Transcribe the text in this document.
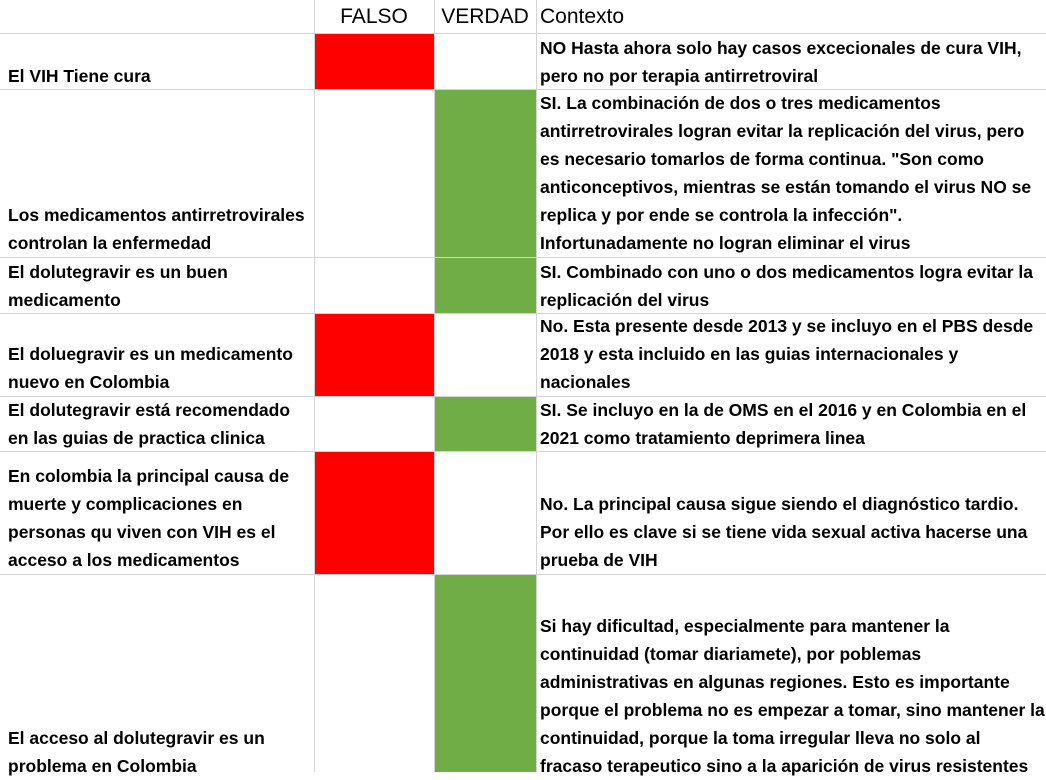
FALSO	VERDAD Contexto
El VIH Tiene cura
NO Hasta ahora solo hay casos excecionales de cura VIH, pero no por terapia antirretroviral
Los medicamentos antirretrovirales controlan la enfermedad
SI. La combinación de dos o tres medicamentos antirretrovirales logran evitar la replicación del virus, pero es necesario tomarlos de forma continua. "Son como anticonceptivos, mientras se están tomando el virus NO se replica y por ende se controla la infección". Infortunadamente no logran eliminar el virus
El dolutegravir es un buen medicamento
SI. Combinado con uno o dos medicamentos logra evitar la replicación del virus
El doluegravir es un medicamento nuevo en Colombia
No. Esta presente desde 2013 y se incluyo en el PBS desde 2018 y esta incluido en las guias internacionales y nacionales
El dolutegravir está recomendado en las guias de practica clinica
SI. Se incluyo en la de OMS en el 2016 y en Colombia en el 2021 como tratamiento deprimera linea
En colombia la principal causa de muerte y complicaciones en personas qu viven con VIH es el acceso a los medicamentos
No. La principal causa sigue siendo el diagnóstico tardio. Por ello es clave si se tiene vida sexual activa hacerse una prueba de VIH
El acceso al dolutegravir es un problema en Colombia
Si hay dificultad, especialmente para mantener la continuidad (tomar diariamete), por poblemas administrativas en algunas regiones. Esto es importante porque el problema no es empezar a tomar, sino mantener la continuidad, porque la toma irregular lleva no solo al fracaso terapeutico sino a la aparición de virus resistentes
